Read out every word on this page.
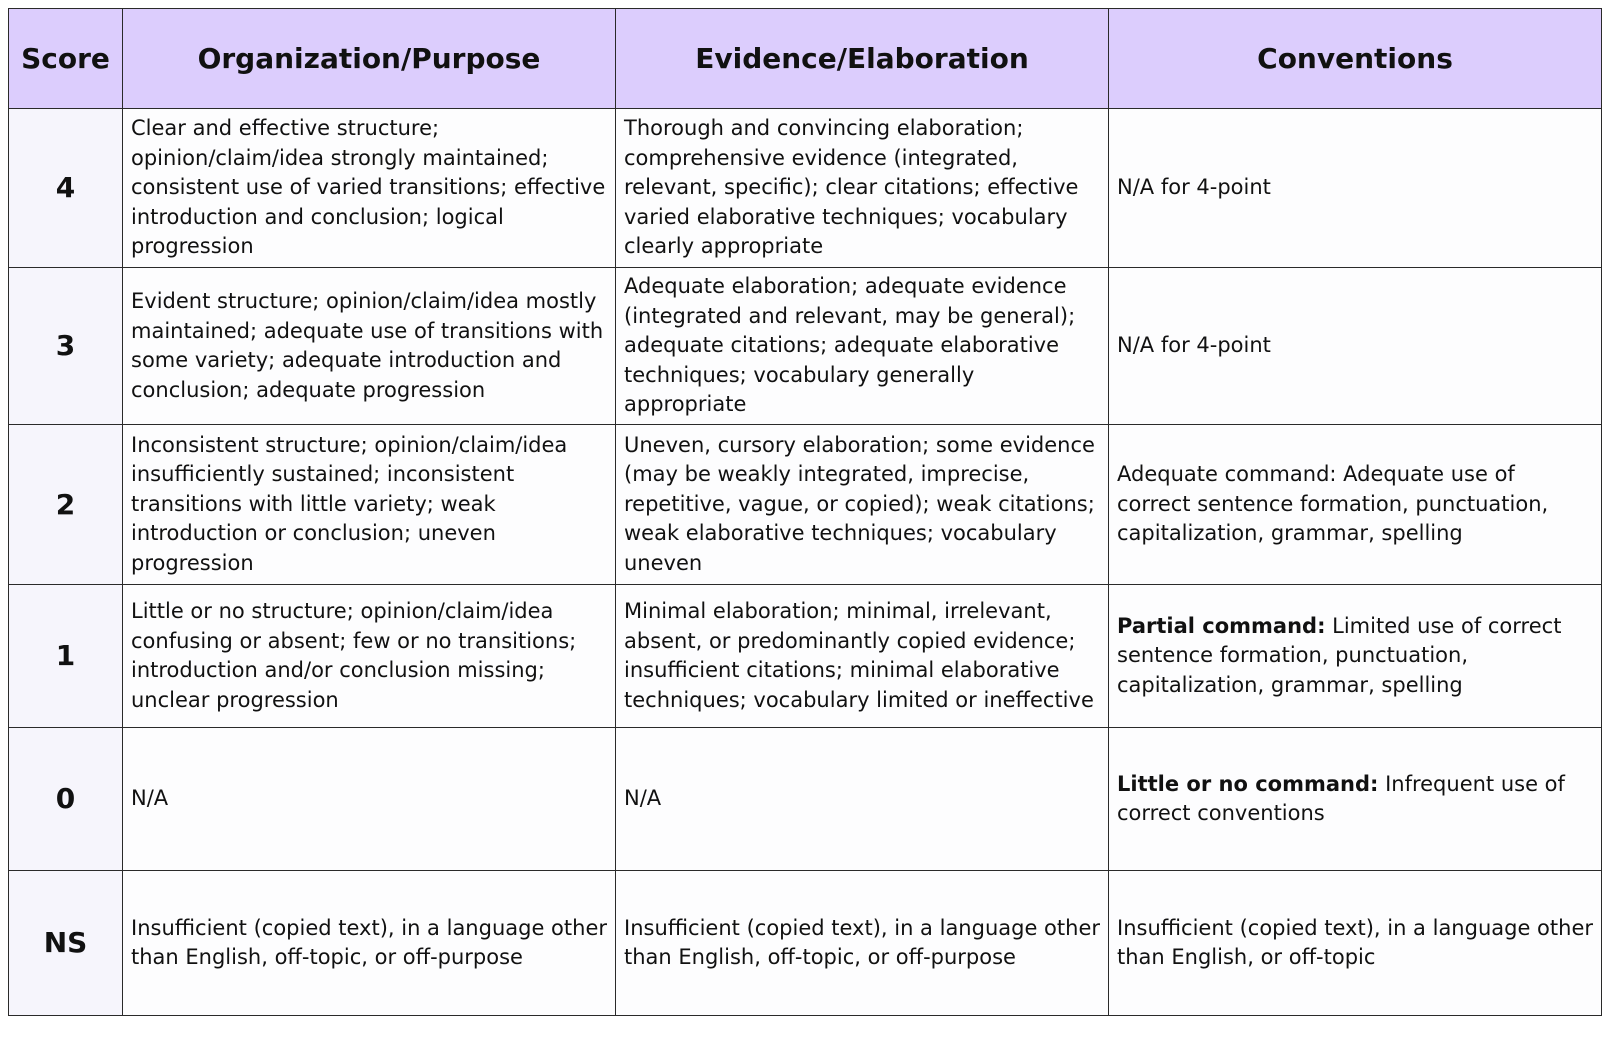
Score	Organization/Purpose	Evidence/Elaboration	Conventions
4	Clear and effective structure; opinion/claim/idea strongly maintained; consistent use of varied transitions; effective introduction and conclusion; logical progression	Thorough and convincing elaboration; comprehensive evidence (integrated, relevant, specific); clear citations; effective varied elaborative techniques; vocabulary clearly appropriate	N/A for 4-point
3	Evident structure; opinion/claim/idea mostly maintained; adequate use of transitions with some variety; adequate introduction and conclusion; adequate progression	Adequate elaboration; adequate evidence (integrated and relevant, may be general); adequate citations; adequate elaborative techniques; vocabulary generally appropriate	N/A for 4-point
2	Inconsistent structure; opinion/claim/idea insufficiently sustained; inconsistent transitions with little variety; weak introduction or conclusion; uneven progression	Uneven, cursory elaboration; some evidence (may be weakly integrated, imprecise, repetitive, vague, or copied); weak citations; weak elaborative techniques; vocabulary uneven	Adequate command: Adequate use of correct sentence formation, punctuation, capitalization, grammar, spelling
1	Little or no structure; opinion/claim/idea confusing or absent; few or no transitions; introduction and/or conclusion missing; unclear progression	Minimal elaboration; minimal, irrelevant, absent, or predominantly copied evidence; insufficient citations; minimal elaborative techniques; vocabulary limited or ineffective	Partial command: Limited use of correct sentence formation, punctuation, capitalization, grammar, spelling
0	N/A	N/A	Little or no command: Infrequent use of correct conventions
NS	Insufficient (copied text), in a language other than English, off-topic, or off-purpose	Insufficient (copied text), in a language other than English, off-topic, or off-purpose	Insufficient (copied text), in a language other than English, or off-topic
